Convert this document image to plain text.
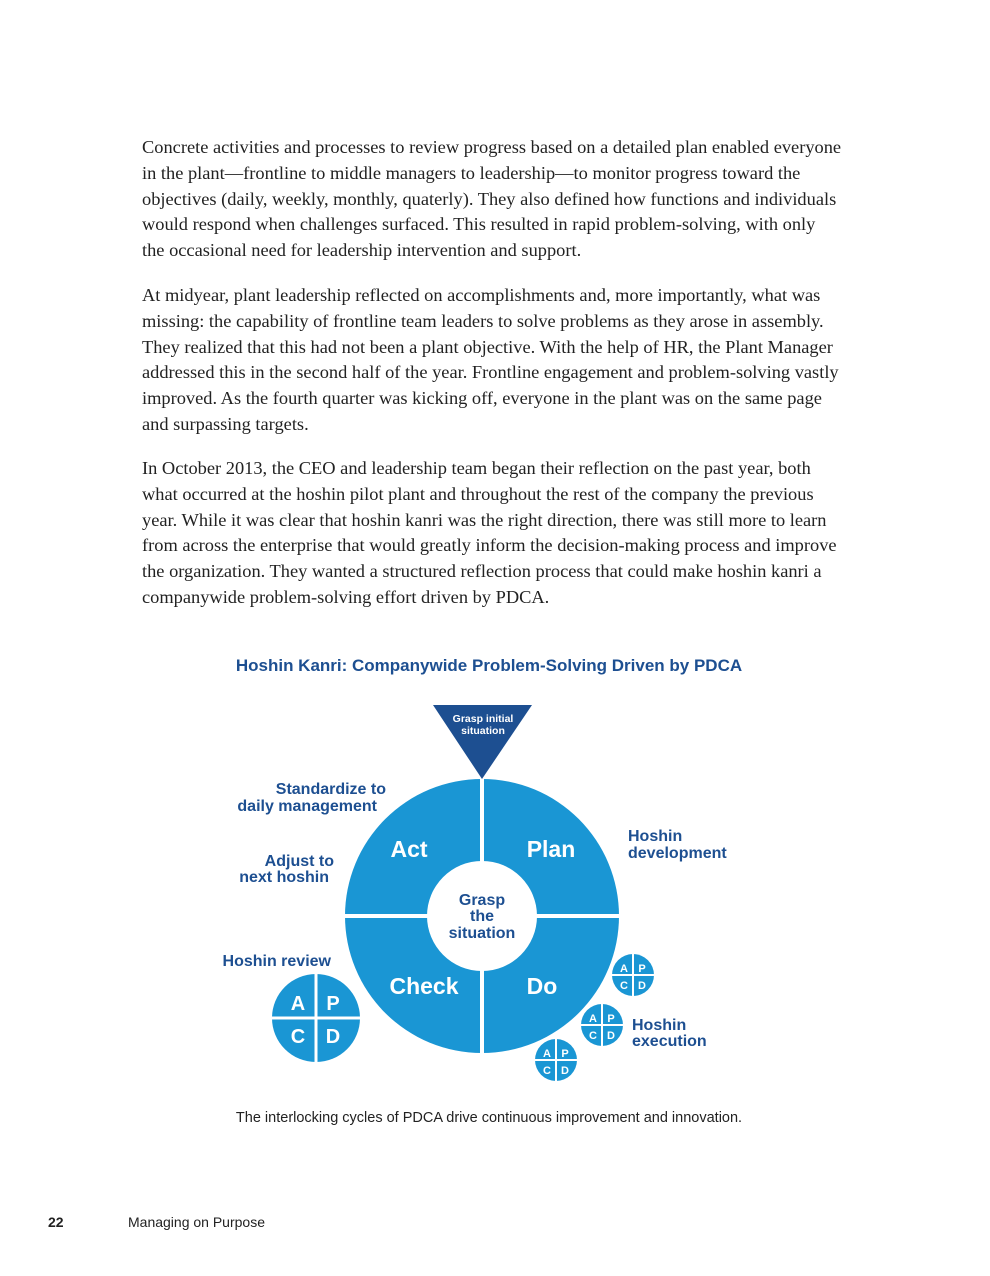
Concrete activities and processes to review progress based on a detailed plan enabled everyone in the plant—frontline to middle managers to leadership—to monitor progress toward the objectives (daily, weekly, monthly, quaterly). They also defined how functions and individuals would respond when challenges surfaced. This resulted in rapid problem-solving, with only the occasional need for leadership intervention and support.

At midyear, plant leadership reflected on accomplishments and, more importantly, what was missing: the capability of frontline team leaders to solve problems as they arose in assembly. They realized that this had not been a plant objective. With the help of HR, the Plant Manager addressed this in the second half of the year. Frontline engagement and problem-solving vastly improved. As the fourth quarter was kicking off, everyone in the plant was on the same page and surpassing targets.

In October 2013, the CEO and leadership team began their reflection on the past year, both what occurred at the hoshin pilot plant and throughout the rest of the company the previous year. While it was clear that hoshin kanri was the right direction, there was still more to learn from across the enterprise that would greatly inform the decision-making process and improve the organization. They wanted a structured reflection process that could make hoshin kanri a companywide problem-solving effort driven by PDCA.

Hoshin Kanri: Companywide Problem-Solving Driven by PDCA

Grasp initial
situation
Act	Plan
Check	Do
Grasp
the
situation
Standardize to
daily management
Adjust to
next hoshin
Hoshin review
Hoshin
development
Hoshin
execution
A P
C D
A P
C D
A P
C D
A P
C D

The interlocking cycles of PDCA drive continuous improvement and innovation.

22	Managing on Purpose
